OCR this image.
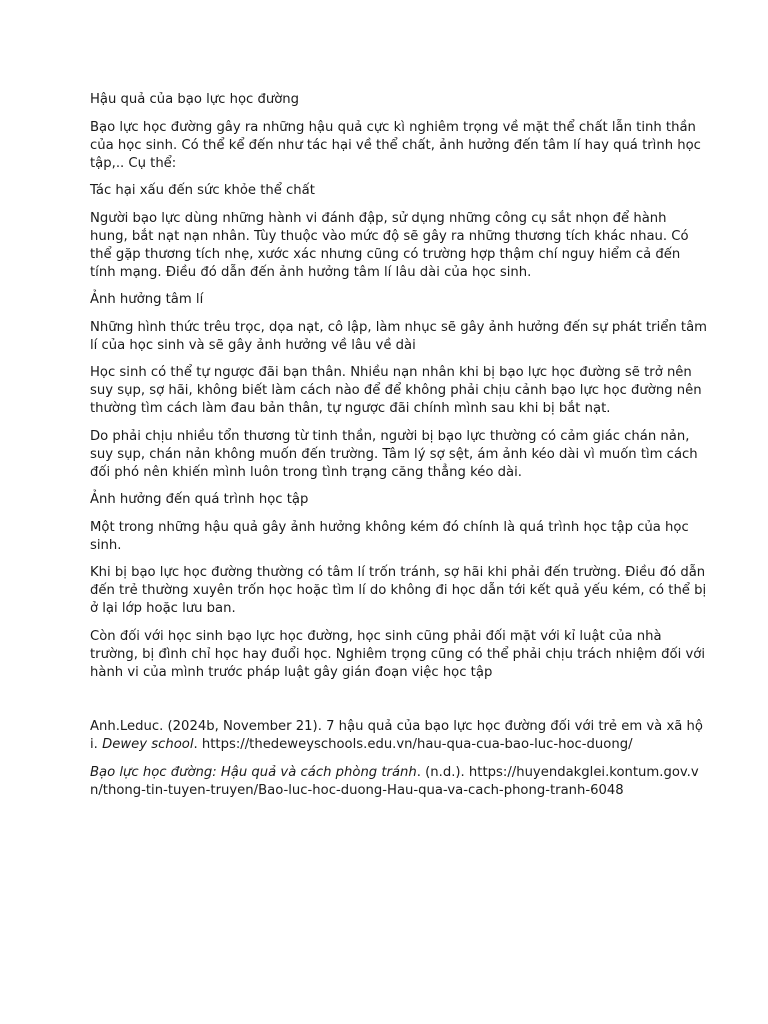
Hậu quả của bạo lực học đường

Bạo lực học đường gây ra những hậu quả cực kì nghiêm trọng về mặt thể chất lẫn tinh thần của học sinh. Có thể kể đến như tác hại về thể chất, ảnh hưởng đến tâm lí hay quá trình học tập,.. Cụ thể:

Tác hại xấu đến sức khỏe thể chất

Người bạo lực dùng những hành vi đánh đập, sử dụng những công cụ sắt nhọn để hành hung, bắt nạt nạn nhân. Tùy thuộc vào mức độ sẽ gây ra những thương tích khác nhau. Có thể gặp thương tích nhẹ, xước xác nhưng cũng có trường hợp thậm chí nguy hiểm cả đến tính mạng. Điều đó dẫn đến ảnh hưởng tâm lí lâu dài của học sinh.

Ảnh hưởng tâm lí

Những hình thức trêu trọc, dọa nạt, cô lập, làm nhục sẽ gây ảnh hưởng đến sự phát triển tâm lí của học sinh và sẽ gây ảnh hưởng về lâu về dài

Học sinh có thể tự ngược đãi bạn thân. Nhiều nạn nhân khi bị bạo lực học đường sẽ trở nên suy sụp, sợ hãi, không biết làm cách nào để để không phải chịu cảnh bạo lực học đường nên thường tìm cách làm đau bản thân, tự ngược đãi chính mình sau khi bị bắt nạt.

Do phải chịu nhiều tổn thương từ tinh thần, người bị bạo lực thường có cảm giác chán nản, suy sụp, chán nản không muốn đến trường. Tâm lý sợ sệt, ám ảnh kéo dài vì muốn tìm cách đối phó nên khiến mình luôn trong tình trạng căng thẳng kéo dài.

Ảnh hưởng đến quá trình học tập

Một trong những hậu quả gây ảnh hưởng không kém đó chính là quá trình học tập của học sinh.

Khi bị bạo lực học đường thường có tâm lí trốn tránh, sợ hãi khi phải đến trường. Điều đó dẫn đến trẻ thường xuyên trốn học hoặc tìm lí do không đi học dẫn tới kết quả yếu kém, có thể bị ở lại lớp hoặc lưu ban.

Còn đối với học sinh bạo lực học đường, học sinh cũng phải đối mặt với kỉ luật của nhà trường, bị đình chỉ học hay đuổi học. Nghiêm trọng cũng có thể phải chịu trách nhiệm đối với hành vi của mình trước pháp luật gây gián đoạn việc học tập

Anh.Leduc. (2024b, November 21). 7 hậu quả của bạo lực học đường đối với trẻ em và xã hội. Dewey school. https://thedeweyschools.edu.vn/hau-qua-cua-bao-luc-hoc-duong/

Bạo lực học đường: Hậu quả và cách phòng tránh. (n.d.). https://huyendakglei.kontum.gov.vn/thong-tin-tuyen-truyen/Bao-luc-hoc-duong-Hau-qua-va-cach-phong-tranh-6048
